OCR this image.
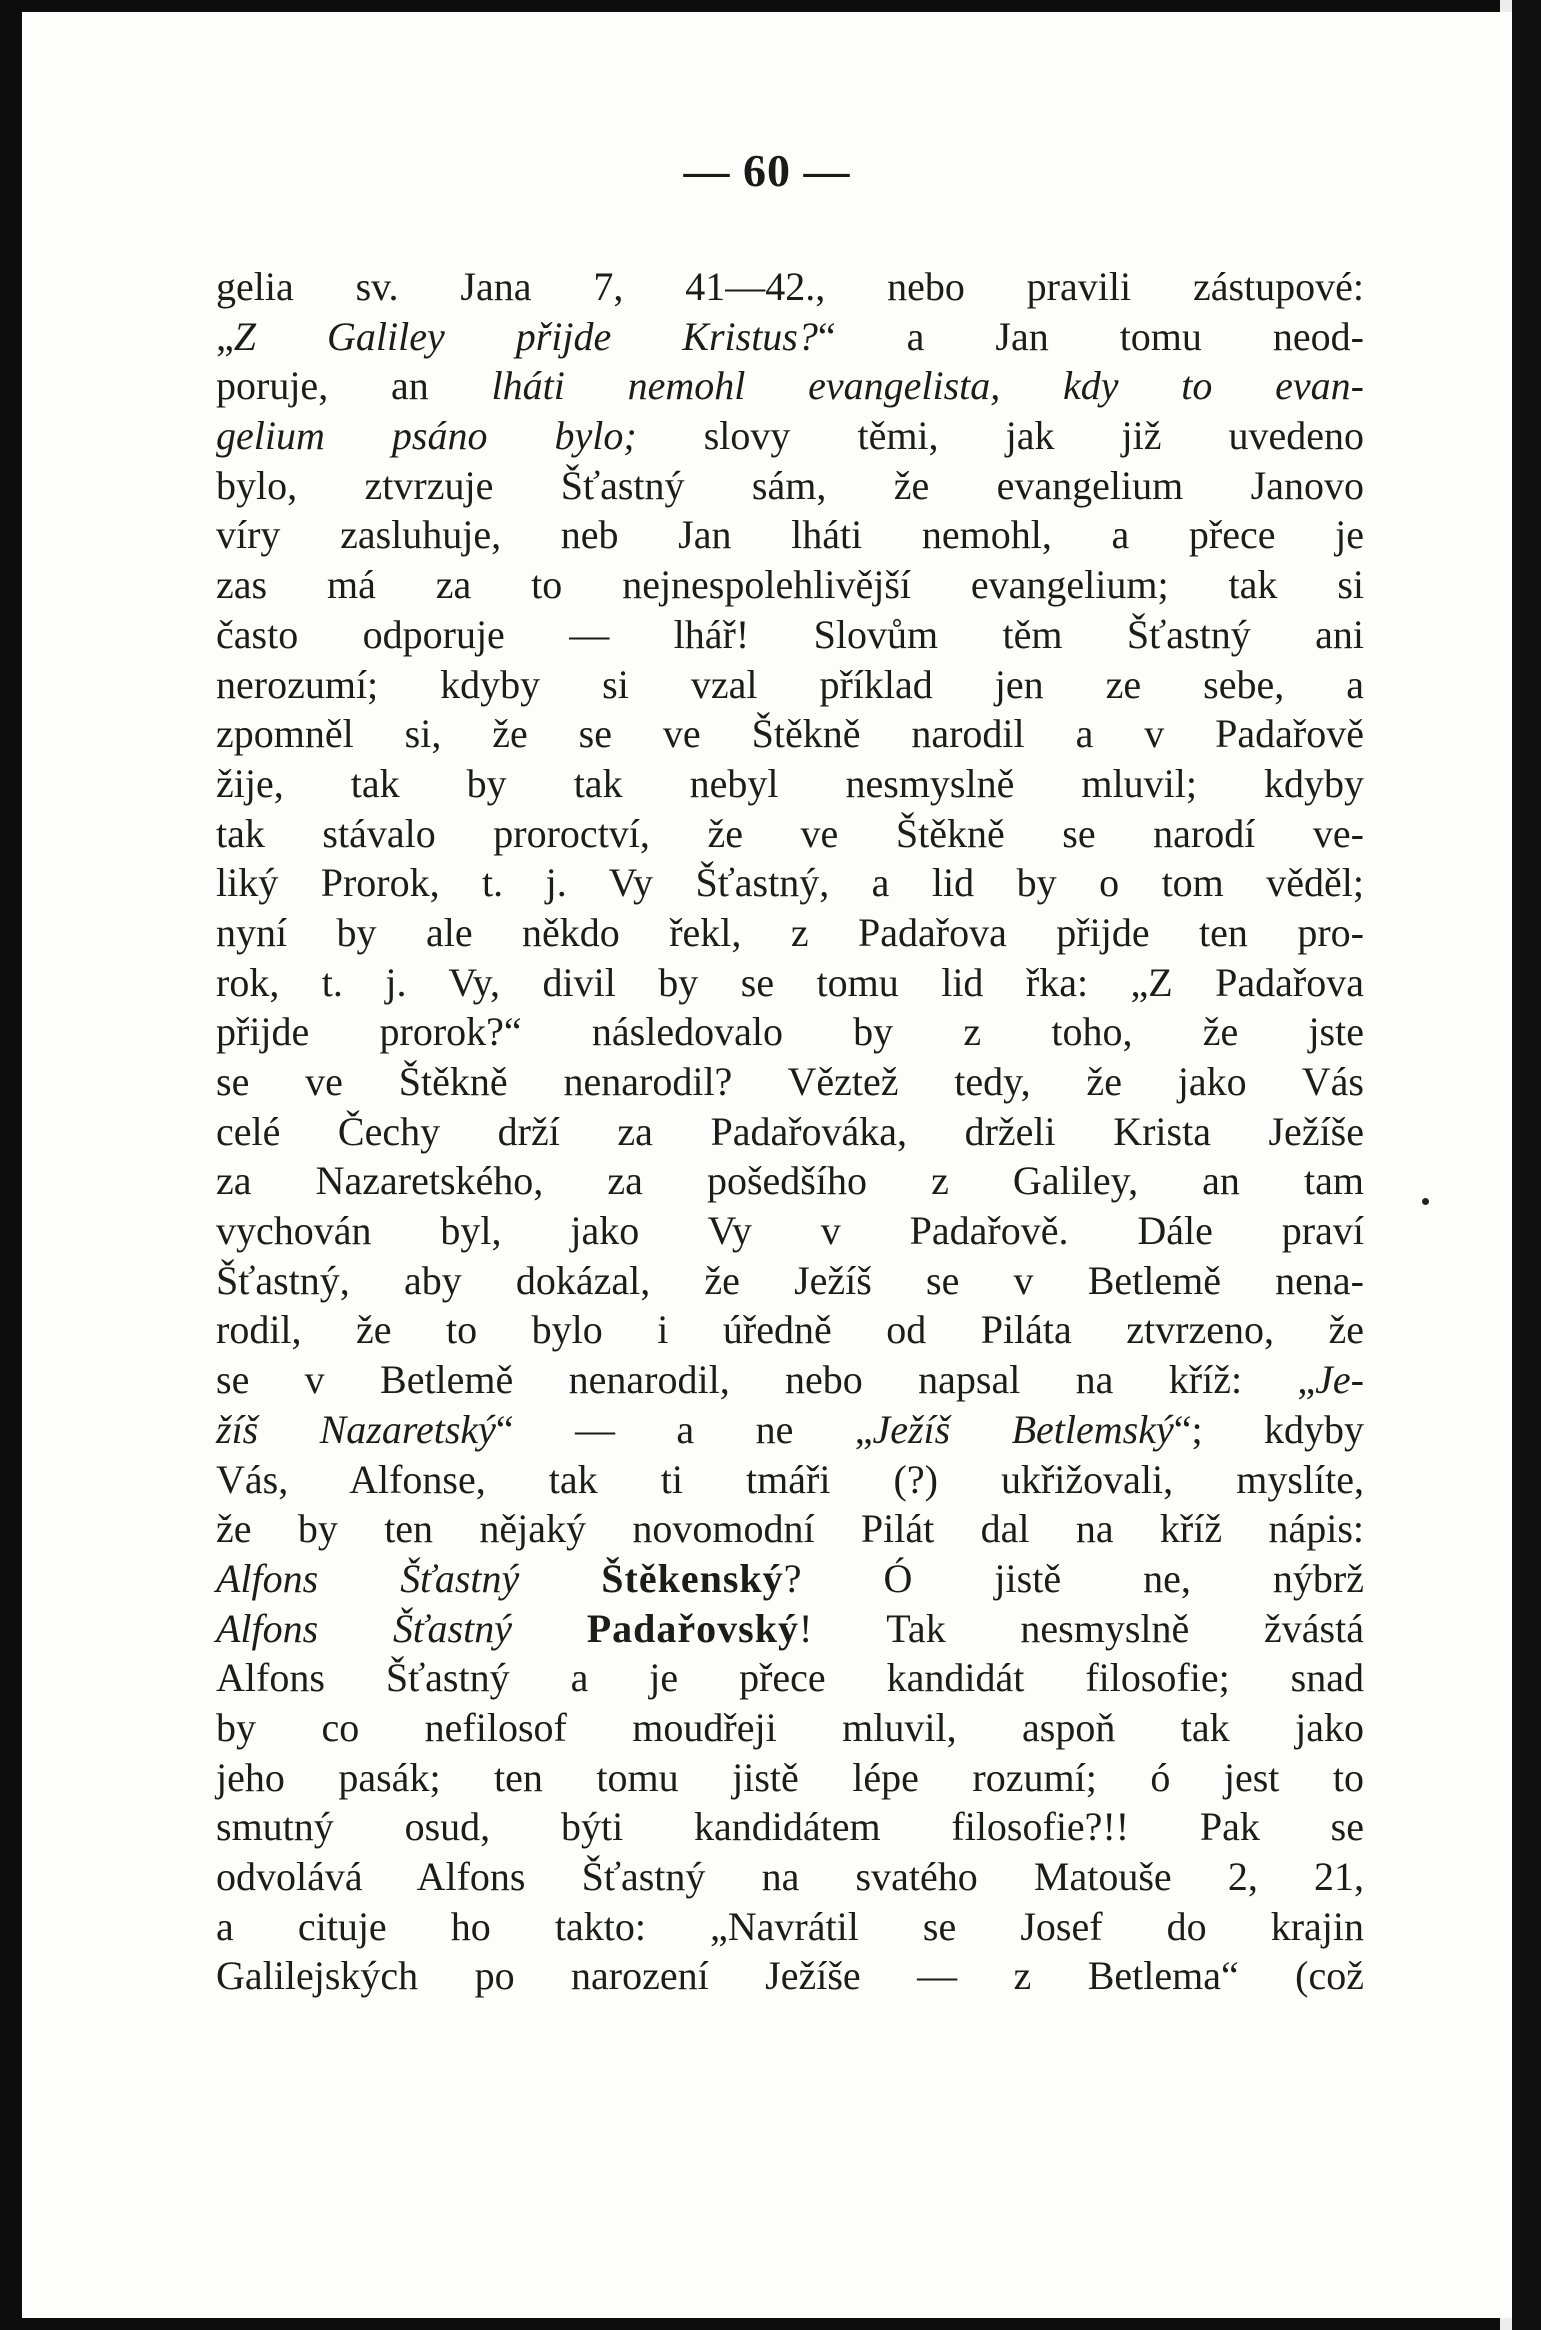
— 60 —
gelia sv. Jana 7, 41—42., nebo pravili zástupové:
„Z Galiley přijde Kristus?“ a Jan tomu neod-
poruje, an lháti nemohl evangelista, kdy to evan-
gelium psáno bylo; slovy těmi, jak již uvedeno
bylo, ztvrzuje Šťastný sám, že evangelium Janovo
víry zasluhuje, neb Jan lháti nemohl, a přece je
zas má za to nejnespolehlivější evangelium; tak si
často odporuje — lhář! Slovům těm Šťastný ani
nerozumí; kdyby si vzal příklad jen ze sebe, a
zpomněl si, že se ve Štěkně narodil a v Padařově
žije, tak by tak nebyl nesmyslně mluvil; kdyby
tak stávalo proroctví, že ve Štěkně se narodí ve-
liký Prorok, t. j. Vy Šťastný, a lid by o tom věděl;
nyní by ale někdo řekl, z Padařova přijde ten pro-
rok, t. j. Vy, divil by se tomu lid řka: „Z Padařova
přijde prorok?“ následovalo by z toho, že jste
se ve Štěkně nenarodil? Věztež tedy, že jako Vás
celé Čechy drží za Padařováka, drželi Krista Ježíše
za Nazaretského, za pošedšího z Galiley, an tam
vychován byl, jako Vy v Padařově. Dále praví
Šťastný, aby dokázal, že Ježíš se v Betlemě nena-
rodil, že to bylo i úředně od Piláta ztvrzeno, že
se v Betlemě nenarodil, nebo napsal na kříž: „Je-
žíš Nazaretský“ — a ne „Ježíš Betlemský“; kdyby
Vás, Alfonse, tak ti tmáři (?) ukřižovali, myslíte,
že by ten nějaký novomodní Pilát dal na kříž nápis:
Alfons Šťastný Štěkenský? Ó jistě ne, nýbrž
Alfons Šťastný Padařovský! Tak nesmyslně žvástá
Alfons Šťastný a je přece kandidát filosofie; snad
by co nefilosof moudřeji mluvil, aspoň tak jako
jeho pasák; ten tomu jistě lépe rozumí; ó jest to
smutný osud, býti kandidátem filosofie?!! Pak se
odvolává Alfons Šťastný na svatého Matouše 2, 21,
a cituje ho takto: „Navrátil se Josef do krajin
Galilejských po narození Ježíše — z Betlema“ (což
